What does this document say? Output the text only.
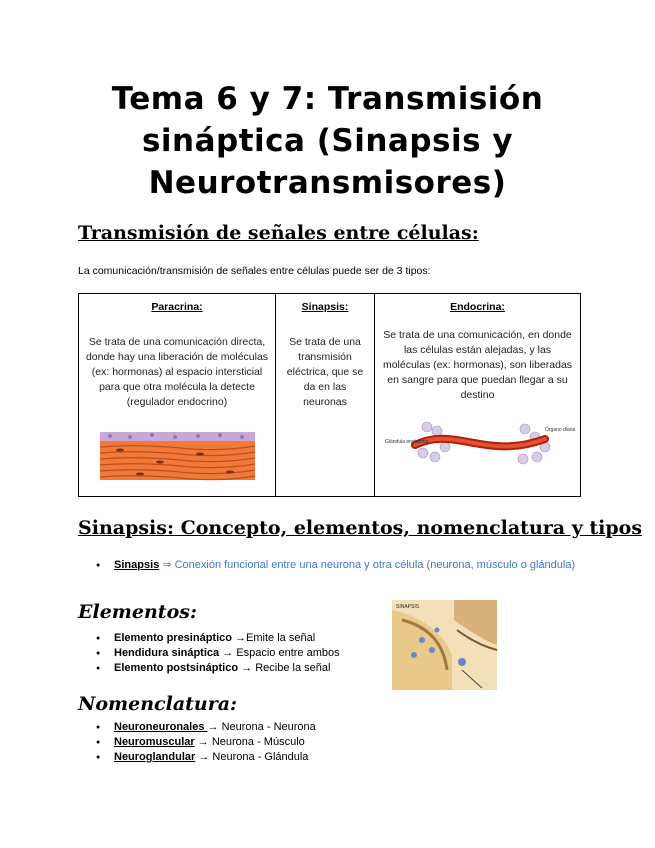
Tema 6 y 7: Transmisión sináptica (Sinapsis y Neurotransmisores)
Transmisión de señales entre células:

La comunicación/transmisión de señales entre células puede ser de 3 tipos:

Paracrina:
Se trata de una comunicación directa, donde hay una liberación de moléculas (ex: hormonas) al espacio intersticial para que otra molécula la detecte (regulador endocrino)

Sinapsis:
Se trata de una transmisión eléctrica, que se da en las neuronas

Endocrina:
Se trata de una comunicación, en donde las células están alejadas, y las moléculas (ex: hormonas), son liberadas en sangre para que puedan llegar a su destino
Glándula endocrina
Órgano diana
Sinapsis: Concepto, elementos, nomenclatura y tipos
● Sinapsis ⇒ Conexión funcional entre una neurona y otra célula (neurona, músculo o glándula)
Elementos:
● Elemento presináptico →Emite la señal
● Hendidura sináptica → Espacio entre ambos
● Elemento postsináptico → Recibe la señal
SINAPSIS
Nomenclatura:
● Neuroneuronales → Neurona - Neurona
● Neuromuscular → Neurona - Músculo
● Neuroglandular → Neurona - Glándula
